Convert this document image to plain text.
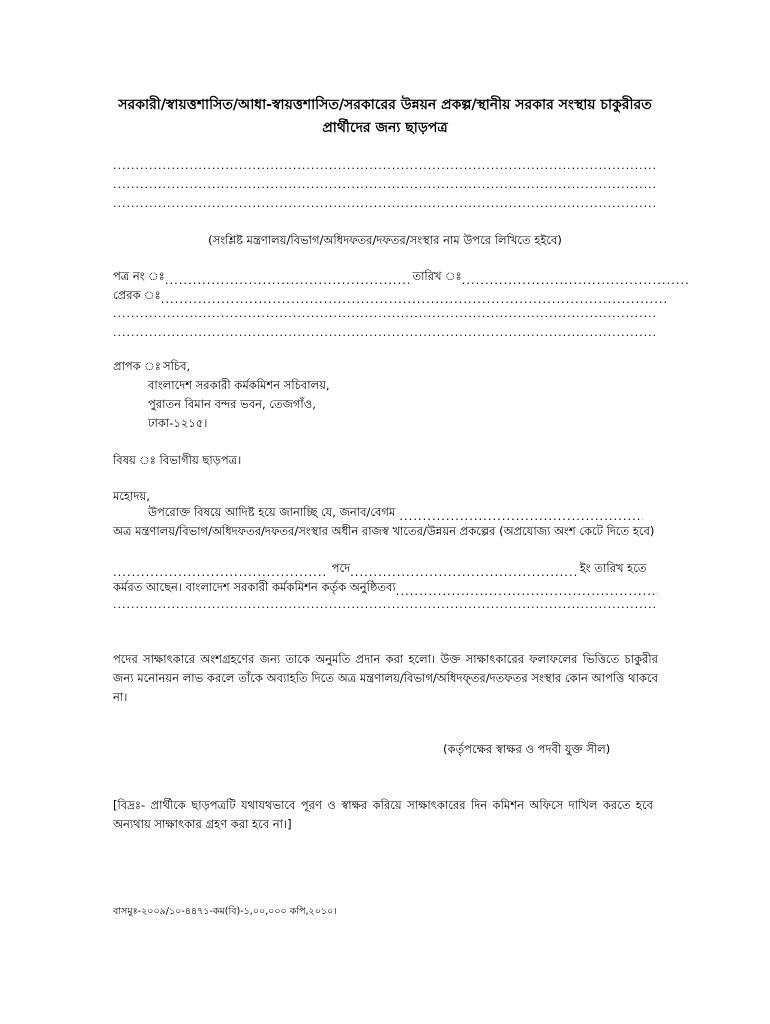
সরকারী/স্বায়ত্তশাসিত/আধা-স্বায়ত্তশাসিত/সরকারের উন্নয়ন প্রকল্প/স্থানীয় সরকার সংস্থায় চাকুরীরত
প্রার্থীদের জন্য ছাড়পত্র
.....
.....
.....
(সংশ্লিষ্ট মন্ত্রণালয়/বিভাগ/অধিদফতর/দফতর/সংস্থার নাম উপরে লিখিতে হইবে)
পত্র নং ঃ .....	তারিখ ঃ.....
প্রেরক ঃ.....
.....
.....
প্রাপক ঃ সচিব,
বাংলাদেশ সরকারী কর্মকমিশন সচিবালয়,
পুরাতন বিমান বন্দর ভবন, তেজগাঁও,
ঢাকা-১২১৫।
বিষয় ঃ বিভাগীয় ছাড়পত্র।
মহোদয়,
উপরোক্ত বিষয়ে আদিষ্ট হয়ে জানাচ্ছি যে, জনাব/বেগম.....
অত্র মন্ত্রণালয়/বিভাগ/অধিদফতর/দফতর/সংস্থার অধীন রাজস্ব খাতের/উন্নয়ন প্রকল্পের (অপ্রযোজ্য অংশ কেটে দিতে হবে)
..... পদে .....	ইং তারিখ হতে
কর্মরত আছেন। বাংলাদেশ সরকারী কর্মকমিশন কর্তৃক অনুষ্ঠিতব্য.....
.....
পদের সাক্ষাৎকারে অংশগ্রহণের জন্য তাকে অনুমতি প্রদান করা হলো। উক্ত সাক্ষাৎকারের ফলাফলের ভিত্তিতে চাকুরীর জন্য মনোনয়ন লাভ করলে তাঁকে অব্যাহতি দিতে অত্র মন্ত্রণালয়/বিভাগ/অধিদফ্তর/দতফতর সংস্থার কোন আপত্তি থাকবে না।
(কর্তৃপক্ষের স্বাক্ষর ও পদবী যুক্ত সীল)
[বিদ্রঃ- প্রার্থীকে ছাড়পত্রটি যথাযথভাবে পূরণ ও স্বাক্ষর করিয়ে সাক্ষাৎকারের দিন কমিশন অফিসে দাখিল করতে হবে অন্যথায় সাক্ষাৎকার গ্রহণ করা হবে না।]
বাসমুঃ-২০০৯/১০-৪৪৭১-কম(বি)-১,০০,০০০ কপি,২০১০।
